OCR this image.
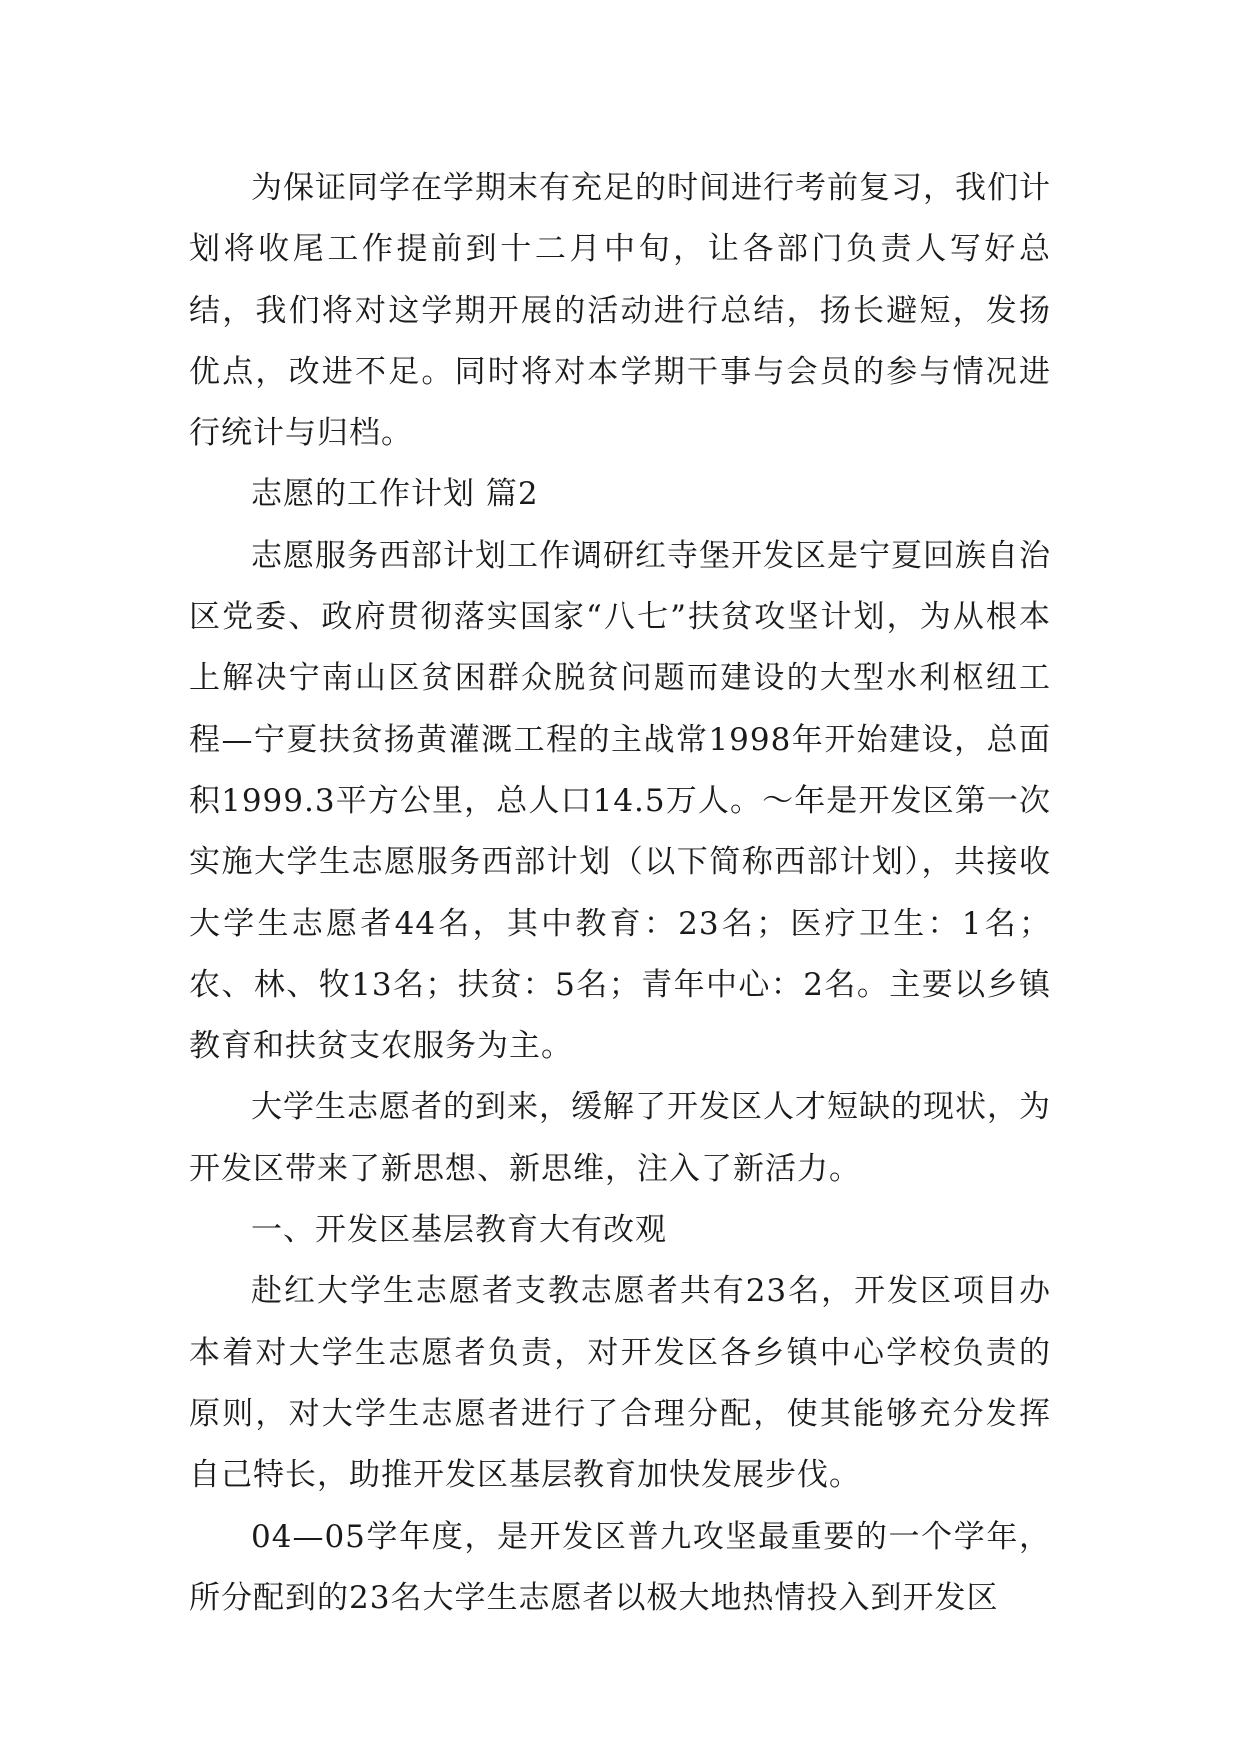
为保证同学在学期末有充足的时间进行考前复习，我们计划将收尾工作提前到十二月中旬，让各部门负责人写好总结，我们将对这学期开展的活动进行总结，扬长避短，发扬优点，改进不足。同时将对本学期干事与会员的参与情况进行统计与归档。

志愿的工作计划 篇2

志愿服务西部计划工作调研红寺堡开发区是宁夏回族自治区党委、政府贯彻落实国家“八七”扶贫攻坚计划，为从根本上解决宁南山区贫困群众脱贫问题而建设的大型水利枢纽工程—宁夏扶贫扬黄灌溉工程的主战常1998年开始建设，总面积1999.3平方公里，总人口14.5万人。～年是开发区第一次实施大学生志愿服务西部计划（以下简称西部计划），共接收大学生志愿者44名，其中教育：23名；医疗卫生：1名；农、林、牧13名；扶贫：5名；青年中心：2名。主要以乡镇教育和扶贫支农服务为主。

大学生志愿者的到来，缓解了开发区人才短缺的现状，为开发区带来了新思想、新思维，注入了新活力。

一、开发区基层教育大有改观

赴红大学生志愿者支教志愿者共有23名，开发区项目办本着对大学生志愿者负责，对开发区各乡镇中心学校负责的原则，对大学生志愿者进行了合理分配，使其能够充分发挥自己特长，助推开发区基层教育加快发展步伐。

04—05学年度，是开发区普九攻坚最重要的一个学年，所分配到的23名大学生志愿者以极大地热情投入到开发区
